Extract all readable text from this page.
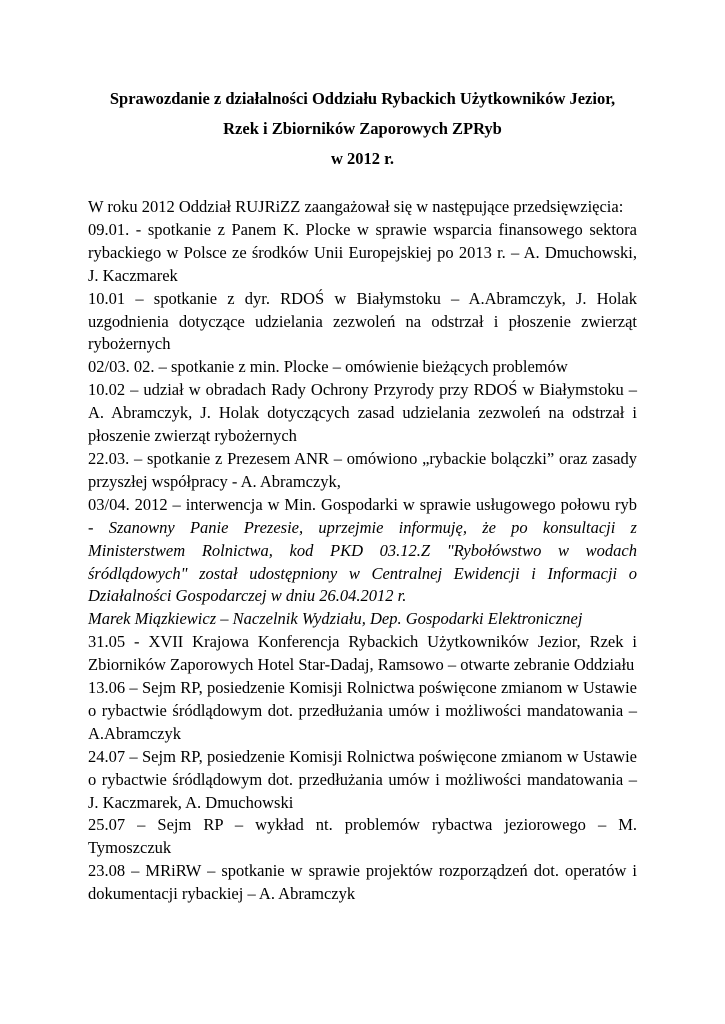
Sprawozdanie z działalności Oddziału Rybackich Użytkowników Jezior,
Rzek i Zbiorników Zaporowych ZPRyb
w 2012 r.

W roku 2012 Oddział RUJRiZZ zaangażował się w następujące przedsięwzięcia:

09.01. - spotkanie z Panem K. Plocke w sprawie wsparcia finansowego sektora rybackiego w Polsce ze środków Unii Europejskiej po 2013 r. – A. Dmuchowski, J. Kaczmarek

10.01 – spotkanie z dyr. RDOŚ w Białymstoku – A.Abramczyk, J. Holak uzgodnienia dotyczące udzielania zezwoleń na odstrzał i płoszenie zwierząt rybożernych

02/03. 02. – spotkanie z min. Plocke – omówienie bieżących problemów

10.02 – udział w obradach Rady Ochrony Przyrody przy RDOŚ w Białymstoku – A. Abramczyk, J. Holak dotyczących zasad udzielania zezwoleń na odstrzał i płoszenie zwierząt rybożernych

22.03. – spotkanie z Prezesem ANR – omówiono „rybackie bolączki” oraz zasady przyszłej współpracy - A. Abramczyk,

03/04. 2012 – interwencja w Min. Gospodarki w sprawie usługowego połowu ryb - Szanowny Panie Prezesie, uprzejmie informuję, że po konsultacji z Ministerstwem Rolnictwa, kod PKD 03.12.Z "Rybołówstwo w wodach śródlądowych" został udostępniony w Centralnej Ewidencji i Informacji o Działalności Gospodarczej w dniu 26.04.2012 r.

Marek Miązkiewicz – Naczelnik Wydziału, Dep. Gospodarki Elektronicznej

31.05 - XVII Krajowa Konferencja Rybackich Użytkowników Jezior, Rzek i Zbiorników Zaporowych Hotel Star-Dadaj, Ramsowo – otwarte zebranie Oddziału

13.06 – Sejm RP, posiedzenie Komisji Rolnictwa poświęcone zmianom w Ustawie o rybactwie śródlądowym dot. przedłużania umów i możliwości mandatowania – A.Abramczyk

24.07 – Sejm RP, posiedzenie Komisji Rolnictwa poświęcone zmianom w Ustawie o rybactwie śródlądowym dot. przedłużania umów i możliwości mandatowania – J. Kaczmarek, A. Dmuchowski

25.07 – Sejm RP – wykład nt. problemów rybactwa jeziorowego – M. Tymoszczuk

23.08 – MRiRW – spotkanie w sprawie projektów rozporządzeń dot. operatów i dokumentacji rybackiej – A. Abramczyk
